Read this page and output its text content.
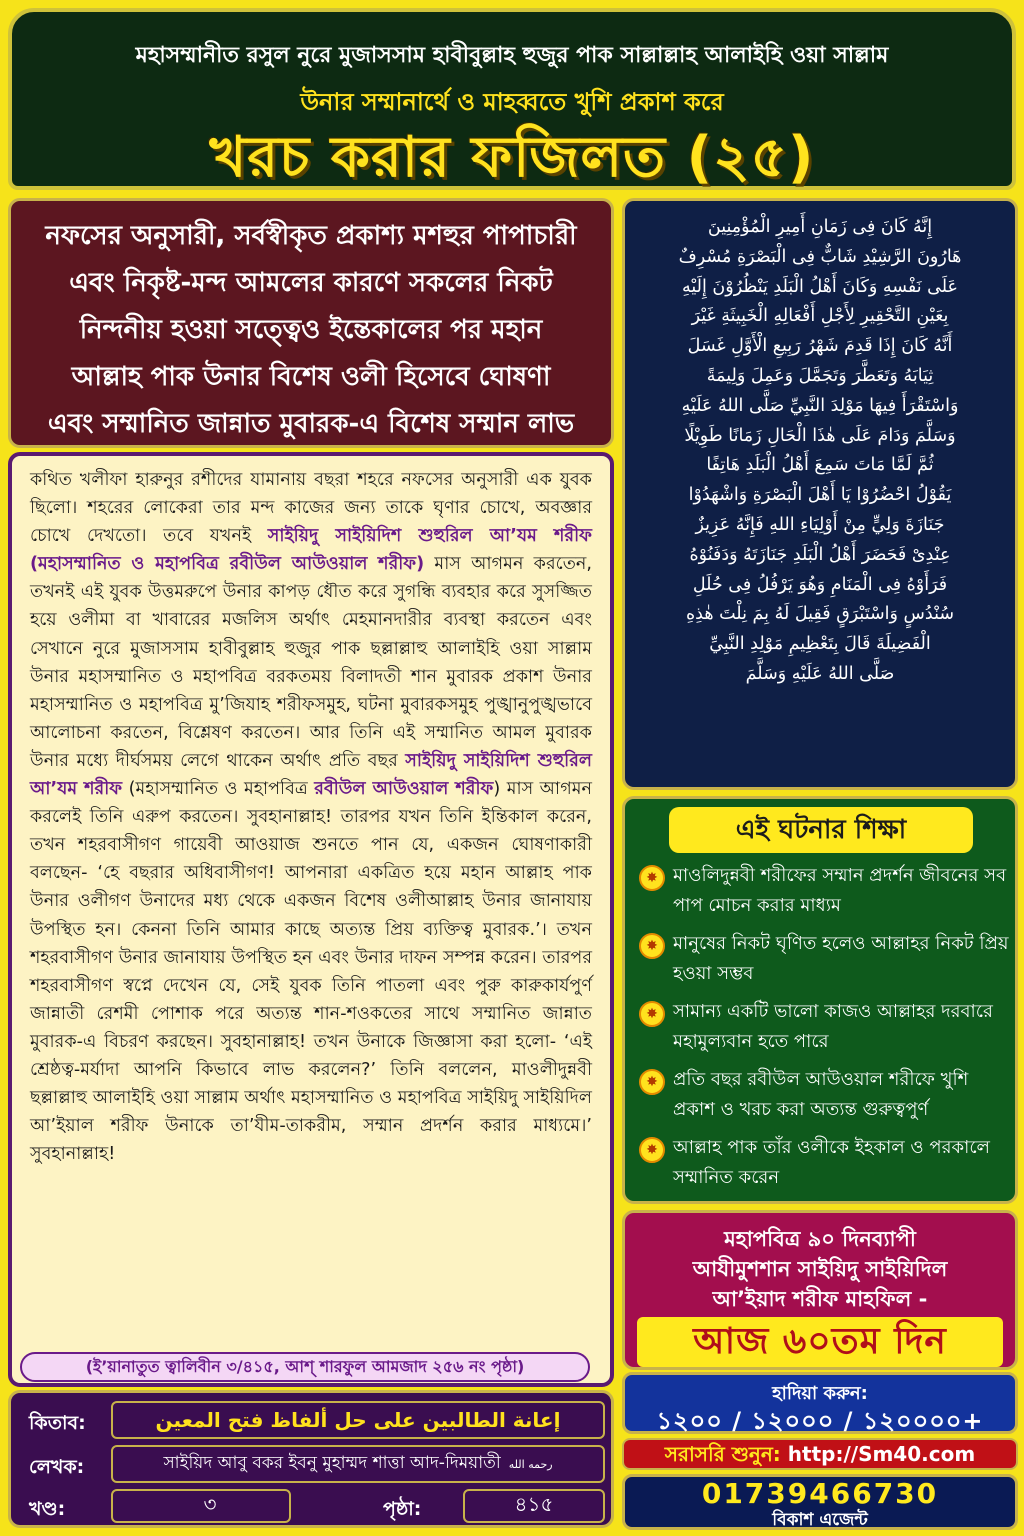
মহাসম্মানীত রসুল নুরে মুজাসসাম হাবীবুল্লাহ হুজুর পাক সাল্লাল্লাহ আলাইহি ওয়া সাল্লাম
উনার সম্মানার্থে ও মাহব্বতে খুশি প্রকাশ করে
খরচ করার ফজিলত (২৫)
নফসের অনুসারী, সর্বস্বীকৃত প্রকাশ্য মশহুর পাপাচারী
এবং নিকৃষ্ট-মন্দ আমলের কারণে সকলের নিকট
নিন্দনীয় হওয়া সত্ত্বেও ইন্তেকালের পর মহান
আল্লাহ পাক উনার বিশেষ ওলী হিসেবে ঘোষণা
এবং সম্মানিত জান্নাত মুবারক-এ বিশেষ সম্মান লাভ

কথিত খলীফা হারুনুর রশীদের যামানায় বছরা শহরে নফসের অনুসারী এক যুবক ছিলো। শহরের লোকেরা তার মন্দ কাজের জন্য তাকে ঘৃণার চোখে, অবজ্ঞার চোখে দেখতো। তবে যখনই সাইয়িদু সাইয়িদিশ শুহুরিল আ’যম শরীফ (মহাসম্মানিত ও মহাপবিত্র রবীউল আউওয়াল শরীফ) মাস আগমন করতেন, তখনই এই যুবক উত্তমরুপে উনার কাপড় ধৌত করে সুগন্ধি ব্যবহার করে সুসজ্জিত হয়ে ওলীমা বা খাবারের মজলিস অর্থাৎ মেহমানদারীর ব্যবস্থা করতেন এবং সেখানে নুরে মুজাসসাম হাবীবুল্লাহ হুজুর পাক ছল্লাল্লাহু আলাইহি ওয়া সাল্লাম উনার মহাসম্মানিত ও মহাপবিত্র বরকতময় বিলাদতী শান মুবারক প্রকাশ উনার মহাসম্মানিত ও মহাপবিত্র মু’জিযাহ শরীফসমুহ, ঘটনা মুবারকসমুহ পুঙ্খানুপুঙ্খভাবে আলোচনা করতেন, বিশ্লেষণ করতেন। আর তিনি এই সম্মানিত আমল মুবারক উনার মধ্যে দীর্ঘসময় লেগে থাকেন অর্থাৎ প্রতি বছর সাইয়িদু সাইয়িদিশ শুহুরিল আ’যম শরীফ (মহাসম্মানিত ও মহাপবিত্র রবীউল আউওয়াল শরীফ) মাস আগমন করলেই তিনি এরুপ করতেন। সুবহানাল্লাহ! তারপর যখন তিনি ইন্তিকাল করেন, তখন শহরবাসীগণ গায়েবী আওয়াজ শুনতে পান যে, একজন ঘোষণাকারী বলছেন- ‘হে বছরার অধিবাসীগণ! আপনারা একত্রিত হয়ে মহান আল্লাহ পাক উনার ওলীগণ উনাদের মধ্য থেকে একজন বিশেষ ওলীআল্লাহ উনার জানাযায় উপস্থিত হন। কেননা তিনি আমার কাছে অত্যন্ত প্রিয় ব্যক্তিত্ব মুবারক.’। তখন শহরবাসীগণ উনার জানাযায় উপস্থিত হন এবং উনার দাফন সম্পন্ন করেন। তারপর শহরবাসীগণ স্বপ্নে দেখেন যে, সেই যুবক তিনি পাতলা এবং পুরু কারুকার্যপুর্ণ জান্নাতী রেশমী পোশাক পরে অত্যন্ত শান-শওকতের সাথে সম্মানিত জান্নাত মুবারক-এ বিচরণ করছেন। সুবহানাল্লাহ! তখন উনাকে জিজ্ঞাসা করা হলো- ‘এই শ্রেষ্ঠত্ব-মর্যাদা আপনি কিভাবে লাভ করলেন?’ তিনি বললেন, মাওলীদুন্নবী ছল্লাল্লাহু আলাইহি ওয়া সাল্লাম অর্থাৎ মহাসম্মানিত ও মহাপবিত্র সাইয়িদু সাইয়িদিল আ’ইয়াল শরীফ উনাকে তা’যীম-তাকরীম, সম্মান প্রদর্শন করার মাধ্যমে।’ সুবহানাল্লাহ!

(ই’য়ানাতুত ত্বালিবীন ৩/৪১৫, আশ্ শারফুল আমজাদ ২৫৬ নং পৃষ্ঠা)
কিতাব:	إعانة الطالبين على حل ألفاظ فتح المعين
লেখক:	সাইয়িদ আবু বকর ইবনু মুহাম্মদ শাত্তা আদ-দিময়াতী رحمه الله
খণ্ড:	৩	পৃষ্ঠা:	৪১৫
إِنَّهُ كَانَ فِى زَمَانِ أَمِيرِ الْمُؤْمِنِينَ
هَارُونَ الرَّشِيْدِ شَابٌّ فِى الْبَصْرَةِ مُسْرِفٌ
عَلَى نَفْسِهِ وَكَانَ أَهْلُ الْبَلَدِ يَنْظُرُوْنَ إِلَيْهِ
بِعَيْنِ التَّحْقِيرِ لِأَجْلِ أَفْعَالِهِ الْخَبِيثَةِ غَيْرَ
أَنَّهُ كَانَ إِذَا قَدِمَ شَهْرُ رَبِيعِ الْأَوَّلِ غَسَلَ
ثِيَابَهُ وَتَعَطَّرَ وَتَجَمَّلَ وَعَمِلَ وَلِيمَةً
وَاسْتَقْرَأَ فِيهَا مَوْلِدَ النَّبِيِّ صَلَّى اللهُ عَلَيْهِ
وَسَلَّمَ وَدَامَ عَلَى هٰذَا الْحَالِ زَمَانًا طَوِيْلًا
ثُمَّ لَمَّا مَاتَ سَمِعَ أَهْلُ الْبَلَدِ هَاتِفًا
يَقُوْلُ احْضُرُوْا يَا أَهْلَ الْبَصْرَةِ وَاشْهَدُوْا
جَنَازَةَ وَلِيٍّ مِنْ أَوْلِيَاءِ اللهِ فَإِنَّهُ عَزِيزٌ
عِنْدِىْ فَحَضَرَ أَهْلُ الْبَلَدِ جَنَازَتَهُ وَدَفَنُوْهُ
فَرَأَوْهُ فِى الْمَنَامِ وَهُوَ يَرْفُلُ فِى حُلَلِ
سُنْدُسٍ وَاسْتَبْرَقٍ فَقِيلَ لَهُ بِمَ نِلْتَ هٰذِهِ
الْفَضِيلَةَ قَالَ بِتَعْظِيمِ مَوْلِدِ النَّبِيِّ
صَلَّى اللهُ عَلَيْهِ وَسَلَّمَ
এই ঘটনার শিক্ষা
✸ মাওলিদুন্নবী শরীফের সম্মান প্রদর্শন জীবনের সব পাপ মোচন করার মাধ্যম
✸ মানুষের নিকট ঘৃণিত হলেও আল্লাহর নিকট প্রিয় হওয়া সম্ভব
✸ সামান্য একটি ভালো কাজও আল্লাহর দরবারে মহামুল্যবান হতে পারে
✸ প্রতি বছর রবীউল আউওয়াল শরীফে খুশি প্রকাশ ও খরচ করা অত্যন্ত গুরুত্বপুর্ণ
✸ আল্লাহ পাক তাঁর ওলীকে ইহকাল ও পরকালে সম্মানিত করেন
মহাপবিত্র ৯০ দিনব্যাপী
আযীমুশশান সাইয়িদু সাইয়িদিল
আ’ইয়াদ শরীফ মাহফিল -
আজ ৬০তম দিন
হাদিয়া করুন:
১২০০ / ১২০০০ / ১২০০০০+
সরাসরি শুনুন: http://Sm40.com
01739466730
বিকাশ এজেন্ট
